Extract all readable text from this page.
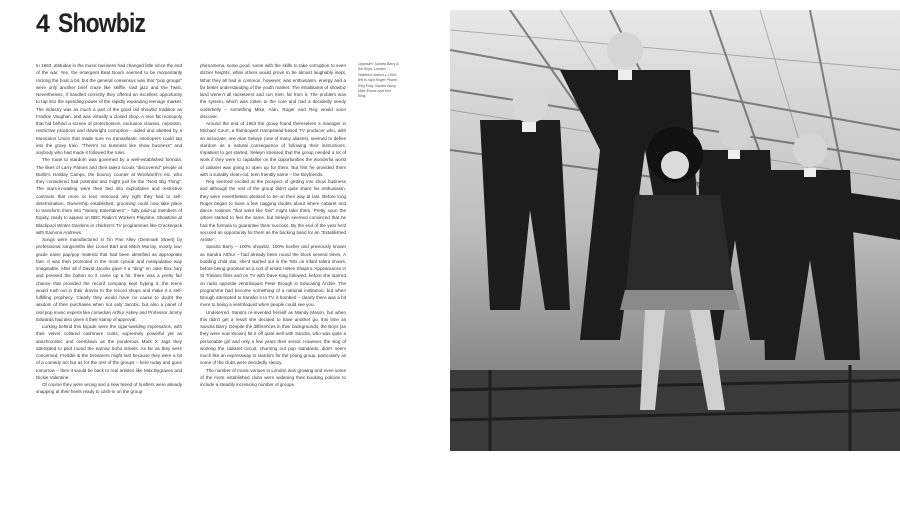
4 Showbiz

In 1963, attitudes in the music business had changed little since the end of the war. Yes, the emergent Beat Boom seemed to be momentarily rocking the boat a bit, but the general consensus was that "pop groups" were only another brief craze like skiffle, trad jazz and the Twist. Nevertheless, if handled correctly they offered an excellent opportunity to tap into the spending power of the rapidly expanding teenage market. The industry was as much a part of the good old showbiz tradition as Frankie Vaughan, and was virtually a closed shop. A nice fat monopoly that hid behind a screen of protectionism, exclusion clauses, nepotism, restrictive practices and downright corruption – aided and abetted by a Musicians Union that made sure no transatlantic interlopers could tap into the gravy train. "There's no business like show business" and anybody who had made it followed the rules.

The route to stardom was governed by a well-established formula. The likes of Larry Parnes and their talent scouts "discovered" people at Butlin's Holiday Camps, the bouncy counter at Woolworth's etc. who they considered had potential and might just be the "Next Big Thing". The stars-in-waiting were then tied into exploitative and restrictive contracts that more or less removed any right they had to self-determination. Ownership established, grooming could now take place to transform them into "Variety Entertainers" – fully paid-up members of Equity, ready to appear on BBC Radio's Workers Playtime, Showtime at Blackpool Winter Gardens or children's TV programmes like Crackerjack with Eamonn Andrews.

Songs were manufactured in Tin Pan Alley (Denmark Street) by professional songsmiths like Lionel Bart and Mitch Murray, mostly low-grade naive pap/pop material that had been identified as appropriate fare. It was then promoted in the most cynical and manipulative way imaginable. After all if David Jacobs gave it a "ding" on Juke Box Jury and pressed the button so it came up a hit, there was a pretty fair chance that provided the record company kept hyping it, the teens would rush out in their droves to the record shops and make it a self-fulfilling prophecy. Clearly they would have no cause to doubt the wisdom of their purchases when not only Jacobs, but also a panel of real pop music experts like comedian Arthur Askey and Professor Jimmy Edwards had also given it their stamp of approval.

Lurking behind this façade were the cigar-wielding impresarios, with their velvet collared cashmere coats, supremely powerful yet as anachronistic and overblown as the ponderous Mark X Jags they attempted to pilot round the narrow Soho streets. As far as they were concerned, Freddie & the Dreamers might last because they were a bit of a comedy act but as for the rest of the groups – here today and gone tomorrow – then it would be back to real artistes like Max Bygraves and Dickie Valentine.

Of course they were wrong and a new breed of hustlers were already snapping at their heels ready to cash-in on the group

phenomena, some good, some with the skills to take corruption to even dizzier heights, while others would prove to be almost laughably inept. What they all had in common, however, was enthusiasm, energy and a far better understanding of the youth market. The inhabitants of showbiz land weren't all racketeers and con men, far from it. The problem was the system, which was rotten to the core and had a decidedly seedy underbelly – something Mike, Alan, Roger and Reg would soon discover.

Around the end of 1963 the group found themselves a manager in Michael Court, a flamboyant Hampstead-based TV producer who, with an associate, one Alan Selwyn (one of many aliases), seemed to define stardom as a natural consequence of following their instructions. Impatient to get started, Selwyn stressed that the group needed a lot of work if they were to capitalise on the opportunities the wonderful world of cabaret was going to open up for them. But first he provided them with a suitably clean-cut, teen friendly name – the Boyfriends.

Reg seemed excited at the prospect of getting into show business and although the rest of the group didn't quite share his enthusiasm, they were nevertheless pleased to be on their way at last. Before long Roger began to have a few nagging doubts about where cabaret and dance routines "that went like this" might take them. Pretty soon the others started to feel the same, but Selwyn seemed convinced that he had the formula to guarantee them success. By the end of the year he'd secured an opportunity for them as the backing band for an "Established Artiste".

Sandra Barry – 100% showbiz, 100% kosher and previously known as Sandra Arthur – had already been round the block several times. A budding child star, she'd started out in the '50s on infant talent shows, before being groomed as a sort of ersatz Helen Shapiro. Appearances in St Trinians films and on TV with Dave King followed, before she starred on radio opposite ventriloquist Peter Brough in Educating Archie. The programme had become something of a national institution, but when Brough attempted to transfer it to TV, it bombed – clearly there was a bit more to being a ventriloquist when people could see you.

Undeterred, Sandra re-invented herself as Mandy Mason, but when this didn't get a result she decided to have another go, this time as Sandra Barry. Despite the differences in their backgrounds, the Boys (as they were now known) hit it off quite well with Sandra, who was quite a personable girl and only a few years their senior. However, the slog of working the cabaret circuit, churning out pop standards, didn't seem much like an expressway to stardom for the young group, particularly as some of the clubs were decidedly sleazy.

The number of music venues in London was growing and even some of the more established clubs were widening their booking policies to include a steadily increasing number of groups.

Opposite: Sandra Barry & the Boys, London Waterloo station c.1964: left to right Roger Powell, Reg King, Sandra Barry, Mike Evans and Ken King.
